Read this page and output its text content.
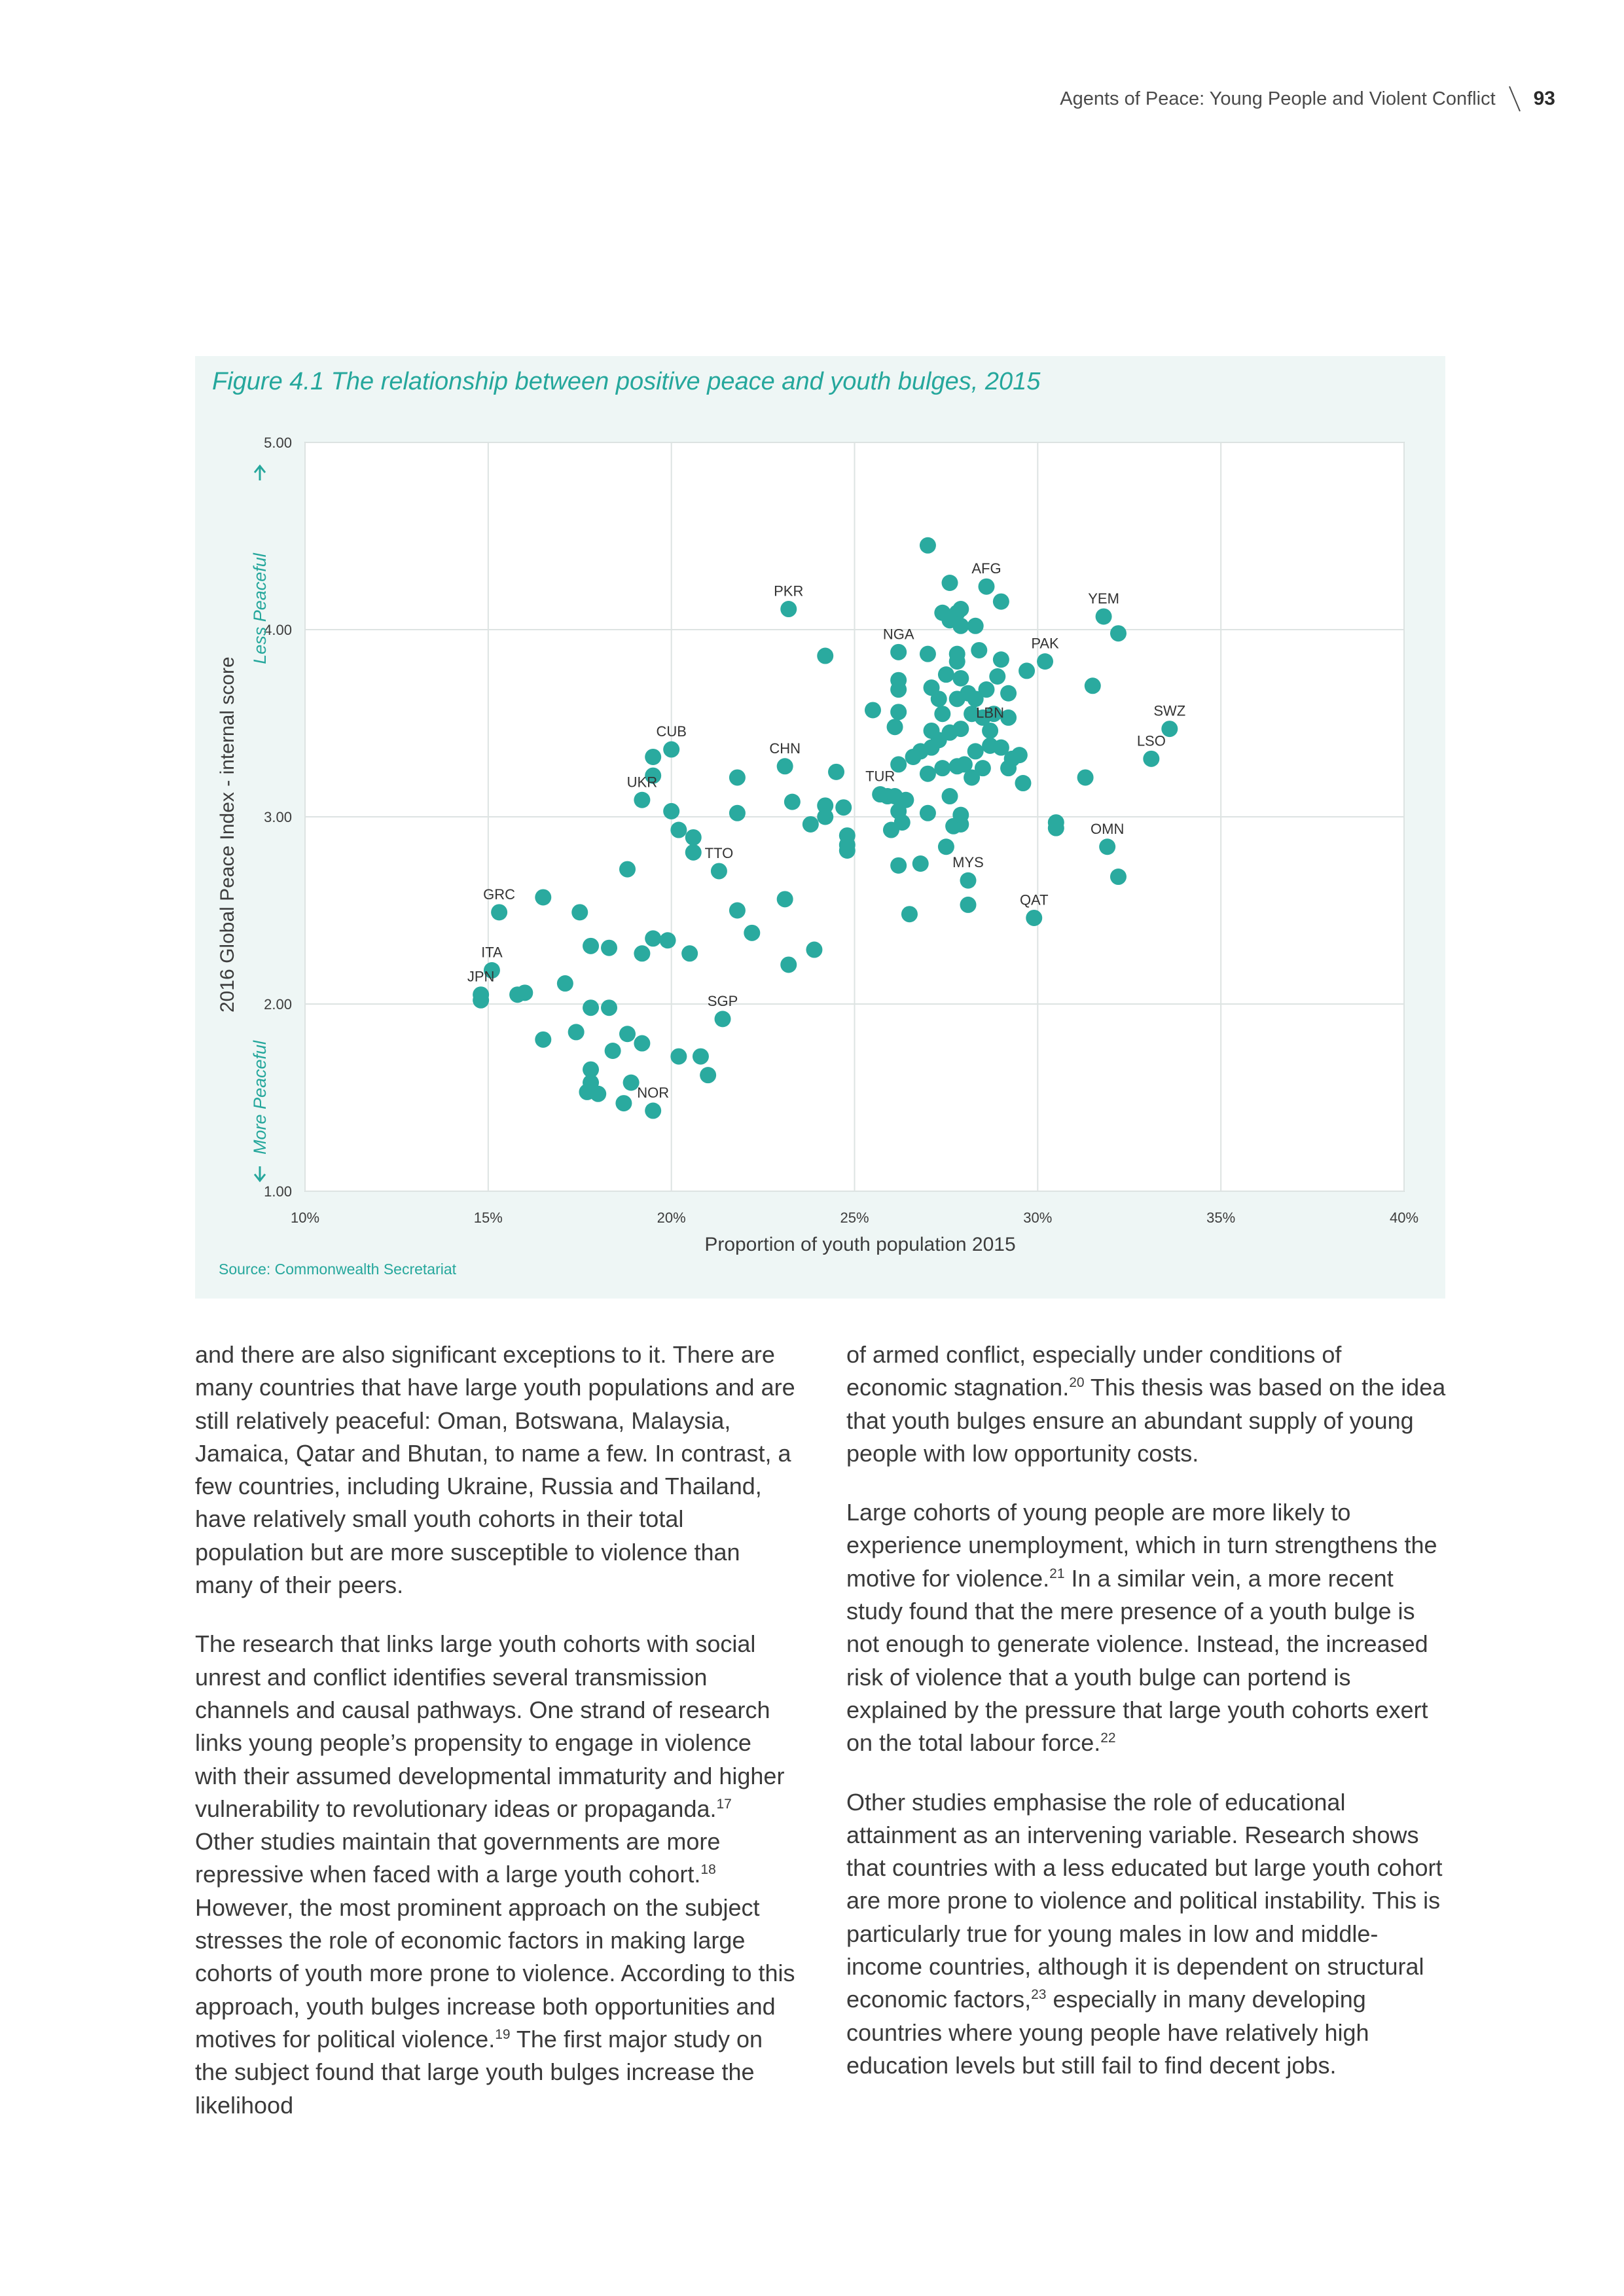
Agents of Peace: Young People and Violent Conflict 93
Figure 4.1 The relationship between positive peace and youth bulges, 2015
10%	15%	20%	25%	30%	35%	40%
1.00
2.00
3.00
4.00
5.00
AFG
PKR	YEM
NGA
PAK
SWZ
LBN
LSO
CUB
CHN
UKR	TUR
OMN
TTO
MYS
GRC	QAT
ITA
SGP
JPN
NOR
Proportion of youth population 2015
2016 Global Peace Index - internal score
Less Peaceful
More Peaceful
Source: Commonwealth Secretariat

and there are also significant exceptions to it. There are many countries that have large youth populations and are still relatively peaceful: Oman, Botswana, Malaysia, Jamaica, Qatar and Bhutan, to name a few. In contrast, a few countries, including Ukraine, Russia and Thailand, have relatively small youth cohorts in their total population but are more susceptible to violence than many of their peers.

The research that links large youth cohorts with social unrest and conflict identifies several transmission channels and causal pathways. One strand of research links young people’s propensity to engage in violence with their assumed developmental immaturity and higher vulnerability to revolutionary ideas or propaganda.$^{17}$ Other studies maintain that governments are more repressive when faced with a large youth cohort.$^{18}$ However, the most prominent approach on the subject stresses the role of economic factors in making large cohorts of youth more prone to violence. According to this approach, youth bulges increase both opportunities and motives for political violence.$^{19}$ The first major study on the subject found that large youth bulges increase the likelihood

of armed conflict, especially under conditions of economic stagnation.$^{20}$ This thesis was based on the idea that youth bulges ensure an abundant supply of young people with low opportunity costs.

Large cohorts of young people are more likely to experience unemployment, which in turn strengthens the motive for violence.$^{21}$ In a similar vein, a more recent study found that the mere presence of a youth bulge is not enough to generate violence. Instead, the increased risk of violence that a youth bulge can portend is explained by the pressure that large youth cohorts exert on the total labour force.$^{22}$

Other studies emphasise the role of educational attainment as an intervening variable. Research shows that countries with a less educated but large youth cohort are more prone to violence and political instability. This is particularly true for young males in low and middle-income countries, although it is dependent on structural economic factors,$^{23}$ especially in many developing countries where young people have relatively high education levels but still fail to find decent jobs.
